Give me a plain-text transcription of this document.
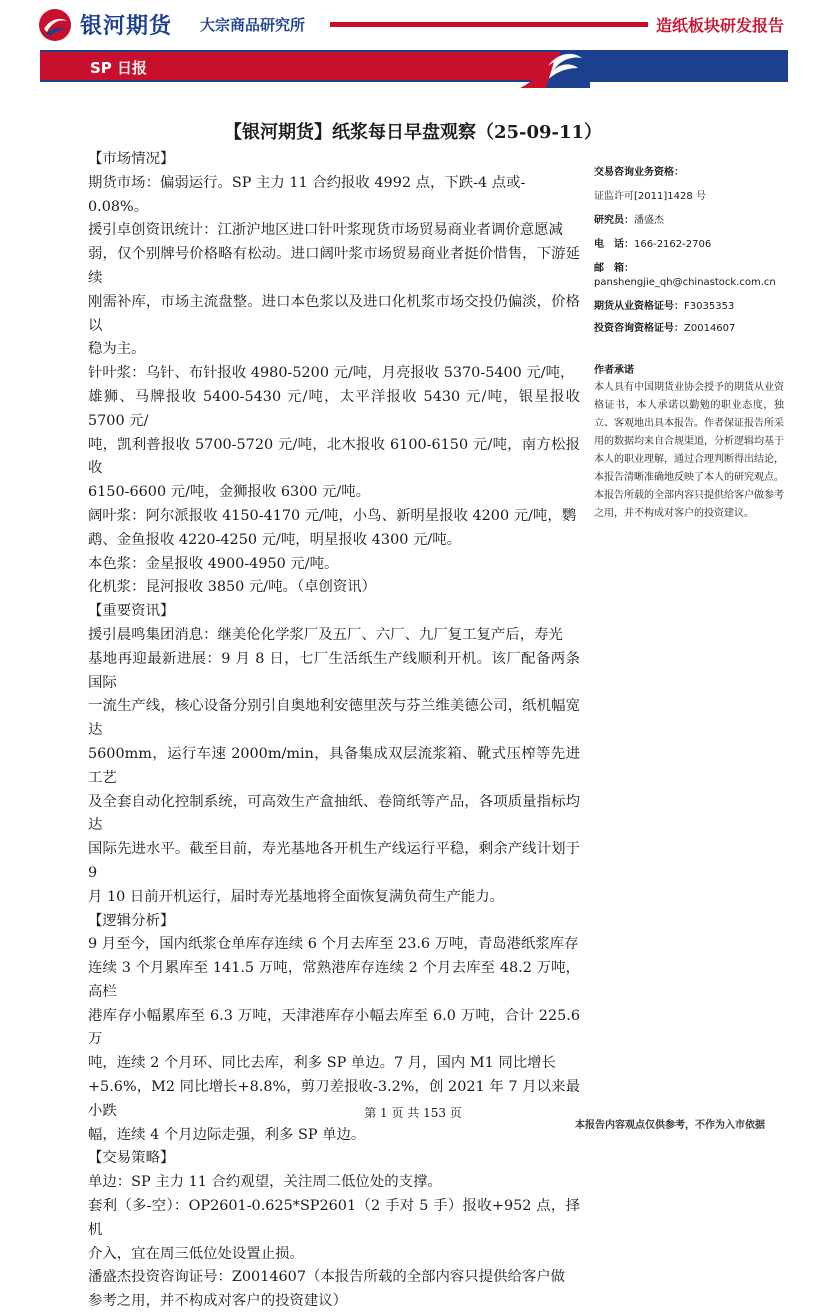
银河期货 大宗商品研究所	造纸板块研发报告
SP 日报
【银河期货】纸浆每日早盘观察（25-09-11）

【市场情况】

期货市场：偏弱运行。SP 主力 11 合约报收 4992 点，下跌-4 点或-

0.08%。

援引卓创资讯统计：江浙沪地区进口针叶浆现货市场贸易商业者调价意愿减

弱，仅个别牌号价格略有松动。进口阔叶浆市场贸易商业者挺价惜售，下游延续

刚需补库，市场主流盘整。进口本色浆以及进口化机浆市场交投仍偏淡，价格以

稳为主。

针叶浆：乌针、布针报收 4980-5200 元/吨，月亮报收 5370-5400 元/吨，

雄狮、马牌报收 5400-5430 元/吨，太平洋报收 5430 元/吨，银星报收 5700 元/

吨，凯利普报收 5700-5720 元/吨，北木报收 6100-6150 元/吨，南方松报收

6150-6600 元/吨，金狮报收 6300 元/吨。

阔叶浆：阿尔派报收 4150-4170 元/吨，小鸟、新明星报收 4200 元/吨，鹦

鹉、金鱼报收 4220-4250 元/吨，明星报收 4300 元/吨。

本色浆：金星报收 4900-4950 元/吨。

化机浆：昆河报收 3850 元/吨。（卓创资讯）

【重要资讯】

援引晨鸣集团消息：继美伦化学浆厂及五厂、六厂、九厂复工复产后，寿光

基地再迎最新进展：9 月 8 日，七厂生活纸生产线顺利开机。该厂配备两条国际

一流生产线，核心设备分别引自奥地利安德里茨与芬兰维美德公司，纸机幅宽达

5600mm，运行车速 2000m/min，具备集成双层流浆箱、靴式压榨等先进工艺

及全套自动化控制系统，可高效生产盒抽纸、卷筒纸等产品，各项质量指标均达

国际先进水平。截至目前，寿光基地各开机生产线运行平稳，剩余产线计划于 9

月 10 日前开机运行，届时寿光基地将全面恢复满负荷生产能力。

【逻辑分析】

9 月至今，国内纸浆仓单库存连续 6 个月去库至 23.6 万吨，青岛港纸浆库存

连续 3 个月累库至 141.5 万吨，常熟港库存连续 2 个月去库至 48.2 万吨，高栏

港库存小幅累库至 6.3 万吨，天津港库存小幅去库至 6.0 万吨，合计 225.6 万

吨，连续 2 个月环、同比去库，利多 SP 单边。7 月，国内 M1 同比增长

+5.6%，M2 同比增长+8.8%，剪刀差报收-3.2%，创 2021 年 7 月以来最小跌

幅，连续 4 个月边际走强，利多 SP 单边。

【交易策略】

单边：SP 主力 11 合约观望，关注周二低位处的支撑。

套利（多-空）：OP2601-0.625*SP2601（2 手对 5 手）报收+952 点，择机

介入，宜在周三低位处设置止损。

潘盛杰投资咨询证号：Z0014607（本报告所载的全部内容只提供给客户做

参考之用，并不构成对客户的投资建议）

交易咨询业务资格：
证监许可[2011]1428 号
研究员：潘盛杰
电　话：166-2162-2706
邮　箱：
panshengjie_qh@chinastock.com.cn
期货从业资格证号：F3035353
投资咨询资格证号：Z0014607
作者承诺
本人具有中国期货业协会授予的期货从业资格证书，本人承诺以勤勉的职业态度，独立、客观地出具本报告。作者保证报告所采用的数据均来自合规渠道，分析逻辑均基于本人的职业理解，通过合理判断得出结论，本报告清晰准确地反映了本人的研究观点。本报告所载的全部内容只提供给客户做参考之用，并不构成对客户的投资建议。
第 1 页 共 153 页
本报告内容观点仅供参考，不作为入市依据
